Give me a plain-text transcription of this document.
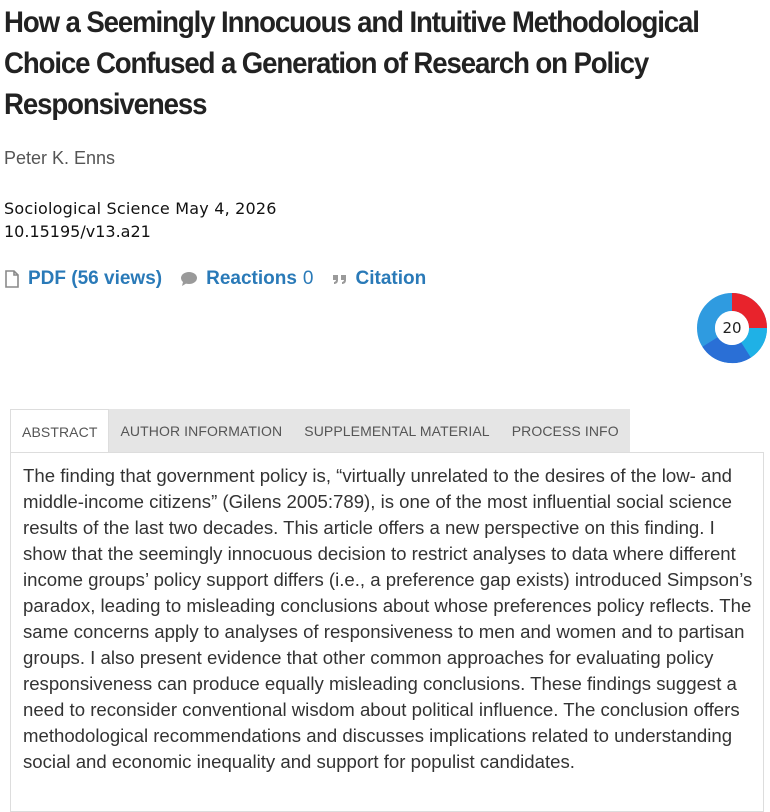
How a Seemingly Innocuous and Intuitive Methodological Choice Confused a Generation of Research on Policy Responsiveness
Peter K. Enns
Sociological Science May 4, 2026
10.15195/v13.a21
PDF (56 views) Reactions 0 Citation
20
ABSTRACT	AUTHOR INFORMATION	SUPPLEMENTAL MATERIAL	PROCESS INFO

The finding that government policy is, “virtually unrelated to the desires of the low- and middle-income citizens” (Gilens 2005:789), is one of the most influential social science results of the last two decades. This article offers a new perspective on this finding. I show that the seemingly innocuous decision to restrict analyses to data where different income groups’ policy support differs (i.e., a preference gap exists) introduced Simpson’s paradox, leading to misleading conclusions about whose preferences policy reflects. The same concerns apply to analyses of responsiveness to men and women and to partisan groups. I also present evidence that other common approaches for evaluating policy responsiveness can produce equally misleading conclusions. These findings suggest a need to reconsider conventional wisdom about political influence. The conclusion offers methodological recommendations and discusses implications related to understanding social and economic inequality and support for populist candidates.
